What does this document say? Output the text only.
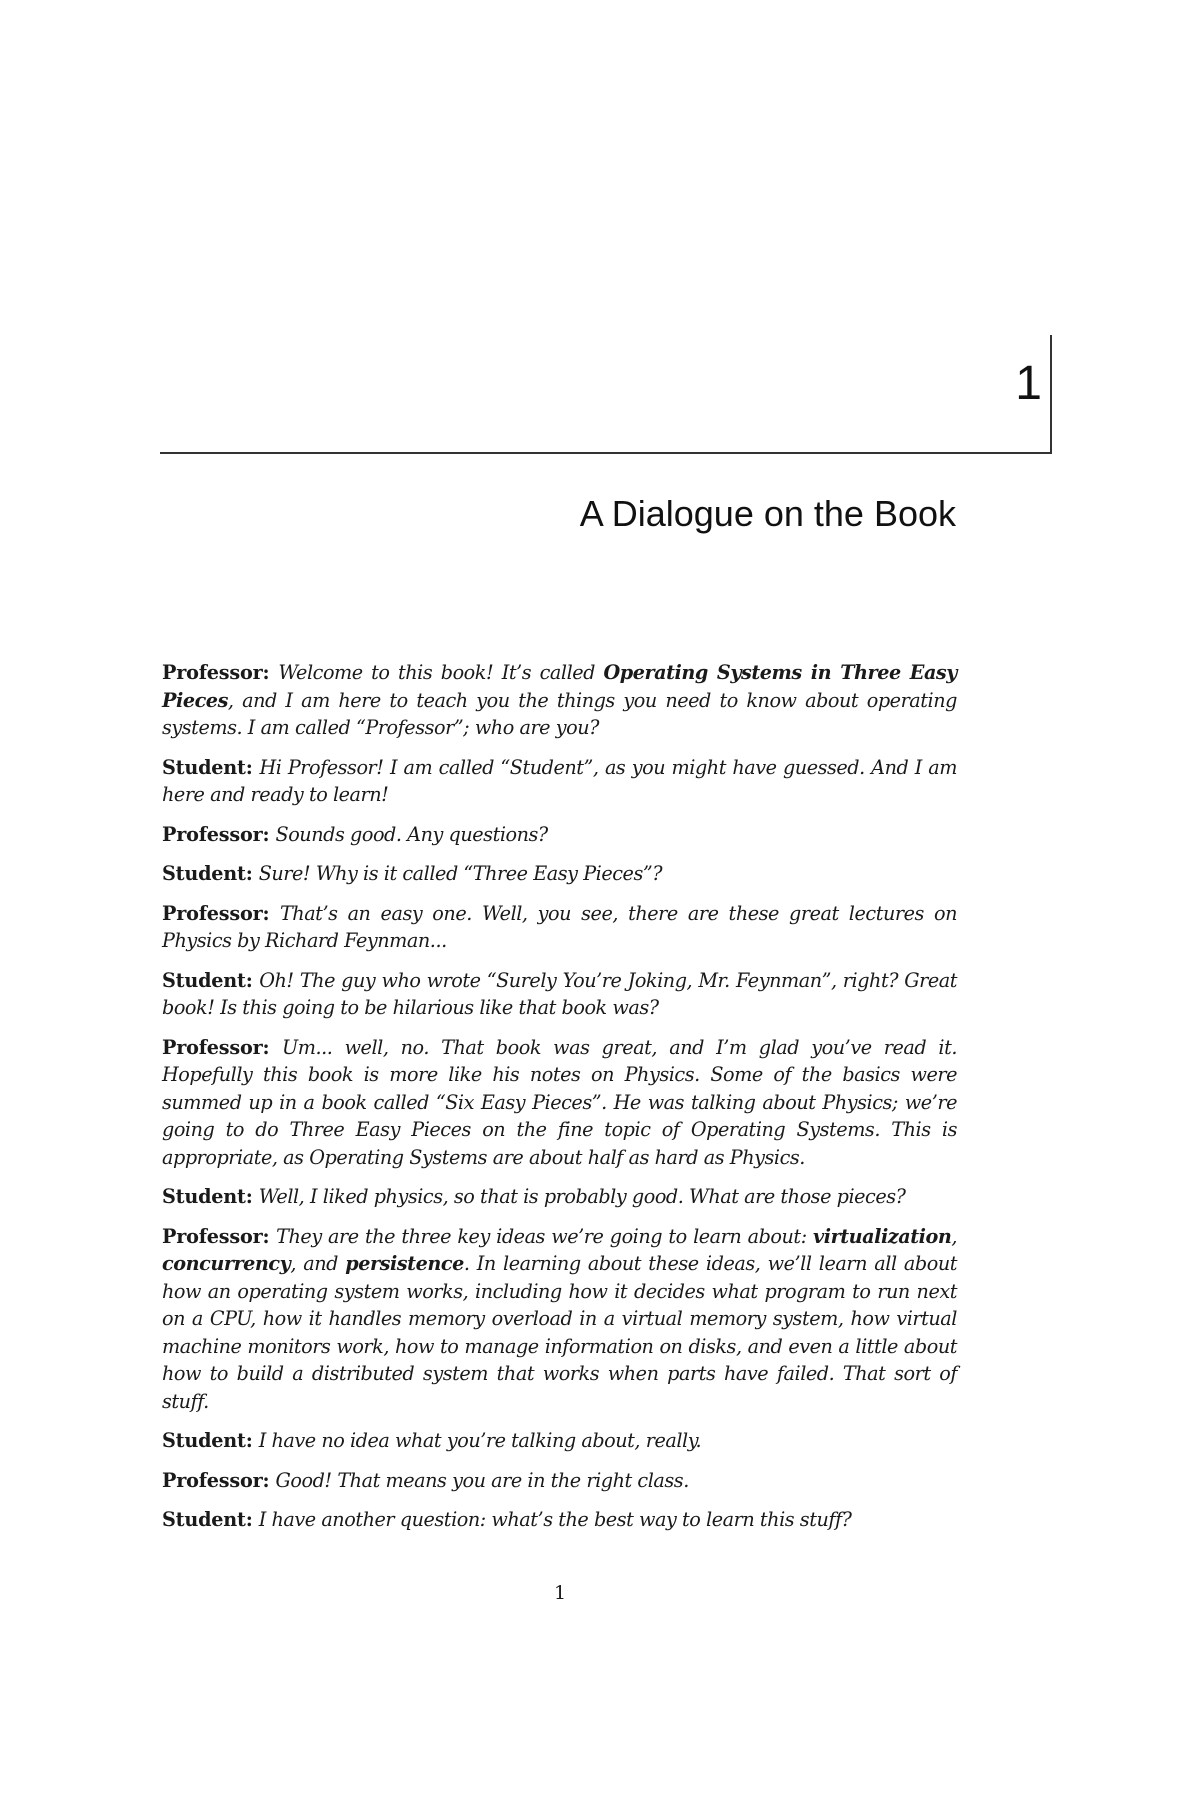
1
A Dialogue on the Book

Professor: Welcome to this book! It’s called Operating Systems in Three Easy Pieces, and I am here to teach you the things you need to know about operating systems. I am called “Professor”; who are you?

Student: Hi Professor! I am called “Student”, as you might have guessed. And I am here and ready to learn!

Professor: Sounds good. Any questions?

Student: Sure! Why is it called “Three Easy Pieces”?

Professor: That’s an easy one. Well, you see, there are these great lectures on Physics by Richard Feynman...

Student: Oh! The guy who wrote “Surely You’re Joking, Mr. Feynman”, right? Great book! Is this going to be hilarious like that book was?

Professor: Um... well, no. That book was great, and I’m glad you’ve read it. Hopefully this book is more like his notes on Physics. Some of the basics were summed up in a book called “Six Easy Pieces”. He was talking about Physics; we’re going to do Three Easy Pieces on the fine topic of Operating Systems. This is appropriate, as Operating Systems are about half as hard as Physics.

Student: Well, I liked physics, so that is probably good. What are those pieces?

Professor: They are the three key ideas we’re going to learn about: virtualization, concurrency, and persistence. In learning about these ideas, we’ll learn all about how an operating system works, including how it decides what program to run next on a CPU, how it handles memory overload in a virtual memory system, how virtual machine monitors work, how to manage information on disks, and even a little about how to build a distributed system that works when parts have failed. That sort of stuff.

Student: I have no idea what you’re talking about, really.

Professor: Good! That means you are in the right class.

Student: I have another question: what’s the best way to learn this stuff?

1
